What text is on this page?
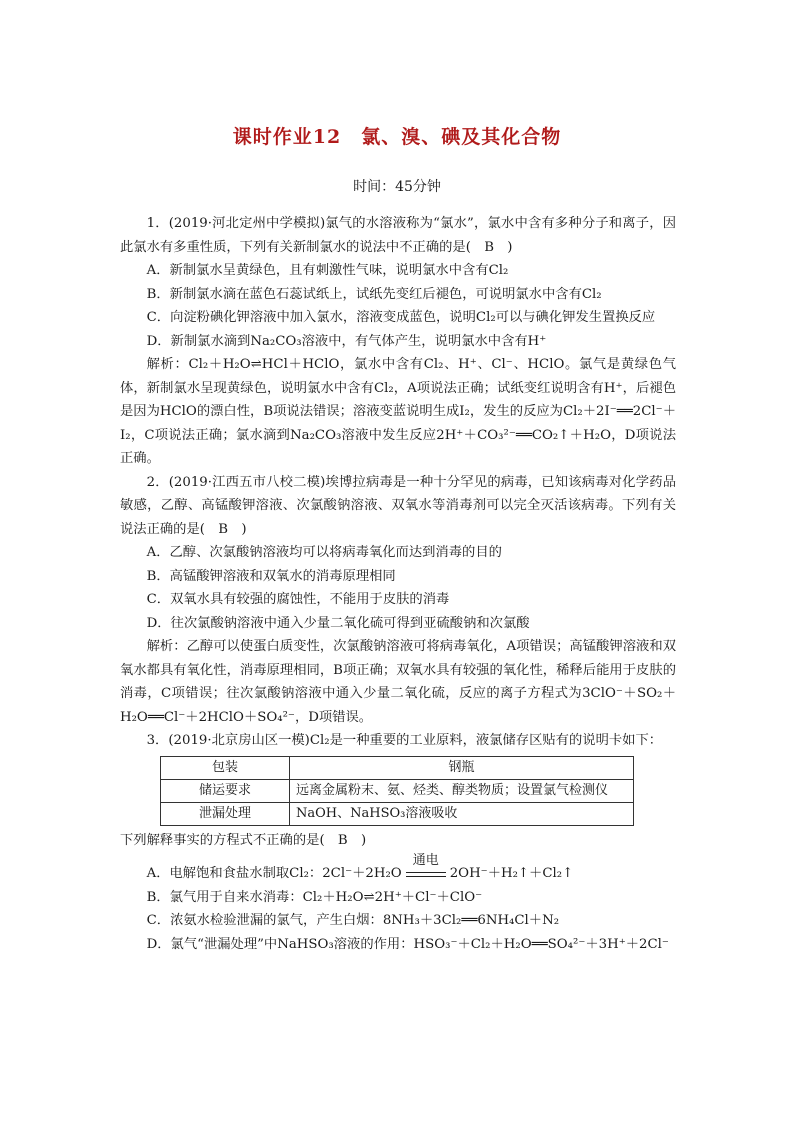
课时作业12　氯、溴、碘及其化合物
时间：45分钟

1．(2019·河北定州中学模拟)氯气的水溶液称为“氯水”，氯水中含有多种分子和离子，因此氯水有多重性质，下列有关新制氯水的说法中不正确的是(　B　)

A．新制氯水呈黄绿色，且有刺激性气味，说明氯水中含有Cl₂

B．新制氯水滴在蓝色石蕊试纸上，试纸先变红后褪色，可说明氯水中含有Cl₂

C．向淀粉碘化钾溶液中加入氯水，溶液变成蓝色，说明Cl₂可以与碘化钾发生置换反应

D．新制氯水滴到Na₂CO₃溶液中，有气体产生，说明氯水中含有H⁺

解析：Cl₂＋H₂O⇌HCl＋HClO，氯水中含有Cl₂、H⁺、Cl⁻、HClO。氯气是黄绿色气体，新制氯水呈现黄绿色，说明氯水中含有Cl₂，A项说法正确；试纸变红说明含有H⁺，后褪色是因为HClO的漂白性，B项说法错误；溶液变蓝说明生成I₂，发生的反应为Cl₂＋2I⁻══2Cl⁻＋I₂，C项说法正确；氯水滴到Na₂CO₃溶液中发生反应2H⁺＋CO₃²⁻══CO₂↑＋H₂O，D项说法正确。

2．(2019·江西五市八校二模)埃博拉病毒是一种十分罕见的病毒，已知该病毒对化学药品敏感，乙醇、高锰酸钾溶液、次氯酸钠溶液、双氧水等消毒剂可以完全灭活该病毒。下列有关说法正确的是(　B　)

A．乙醇、次氯酸钠溶液均可以将病毒氧化而达到消毒的目的

B．高锰酸钾溶液和双氧水的消毒原理相同

C．双氧水具有较强的腐蚀性，不能用于皮肤的消毒

D．往次氯酸钠溶液中通入少量二氧化硫可得到亚硫酸钠和次氯酸

解析：乙醇可以使蛋白质变性，次氯酸钠溶液可将病毒氧化，A项错误；高锰酸钾溶液和双氧水都具有氧化性，消毒原理相同，B项正确；双氧水具有较强的氧化性，稀释后能用于皮肤的消毒，C项错误；往次氯酸钠溶液中通入少量二氧化硫，反应的离子方程式为3ClO⁻＋SO₂＋H₂O══Cl⁻＋2HClO＋SO₄²⁻，D项错误。

3．(2019·北京房山区一模)Cl₂是一种重要的工业原料，液氯储存区贴有的说明卡如下：

包装	钢瓶
储运要求	远离金属粉末、氨、烃类、醇类物质；设置氯气检测仪
泄漏处理	NaOH、NaHSO₃溶液吸收

下列解释事实的方程式不正确的是(　B　)

A．电解饱和食盐水制取Cl₂：2Cl⁻＋2H₂O
通电
2OH⁻＋H₂↑＋Cl₂↑

B．氯气用于自来水消毒：Cl₂＋H₂O⇌2H⁺＋Cl⁻＋ClO⁻

C．浓氨水检验泄漏的氯气，产生白烟：8NH₃＋3Cl₂══6NH₄Cl＋N₂

D．氯气“泄漏处理”中NaHSO₃溶液的作用：HSO₃⁻＋Cl₂＋H₂O══SO₄²⁻＋3H⁺＋2Cl⁻
